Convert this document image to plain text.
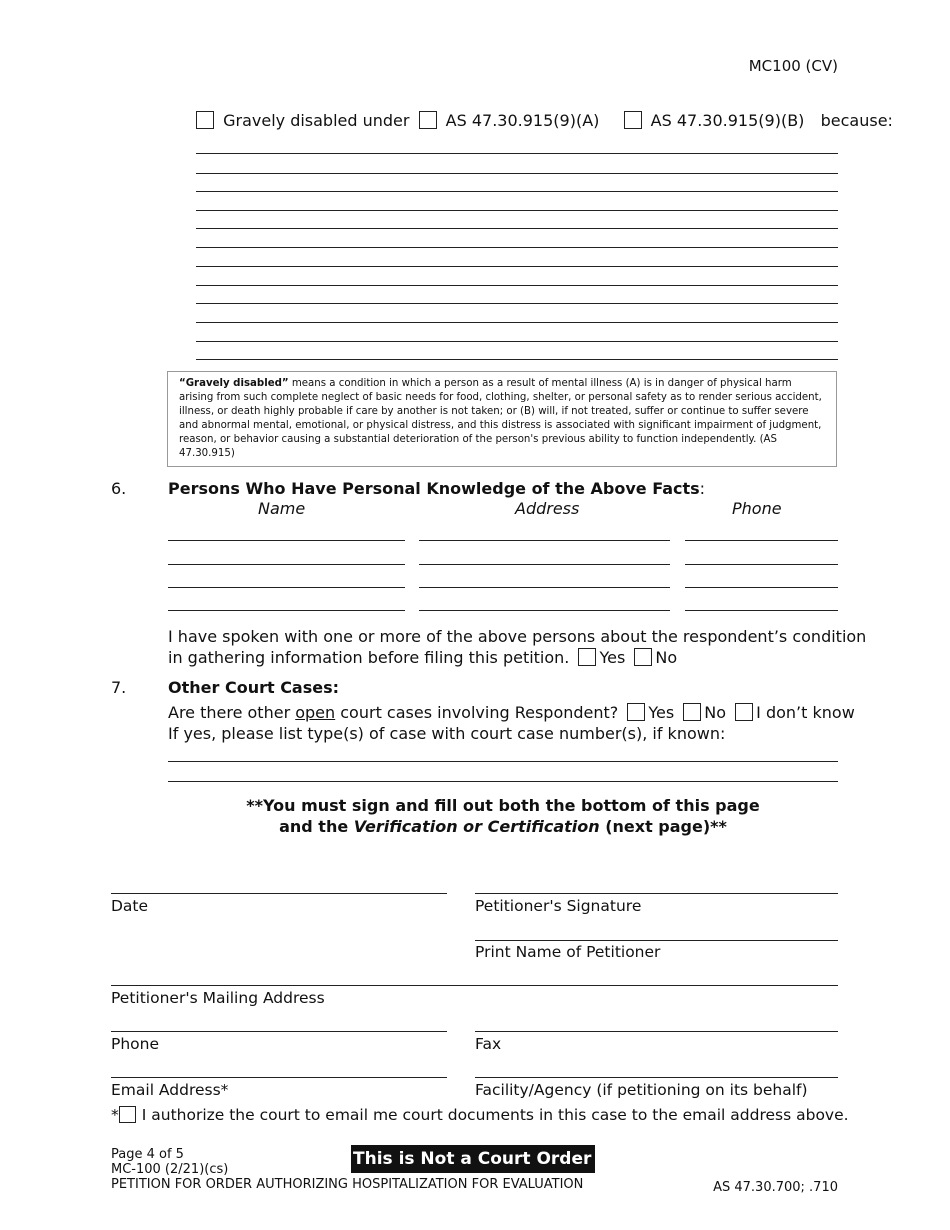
MC100 (CV)
Gravely disabled under AS 47.30.915(9)(A)	AS 47.30.915(9)(B) because:
“Gravely disabled” means a condition in which a person as a result of mental illness (A) is in danger of physical harm arising from such complete neglect of basic needs for food, clothing, shelter, or personal safety as to render serious accident, illness, or death highly probable if care by another is not taken; or (B) will, if not treated, suffer or continue to suffer severe and abnormal mental, emotional, or physical distress, and this distress is associated with significant impairment of judgment, reason, or behavior causing a substantial deterioration of the person's previous ability to function independently. (AS 47.30.915)
6.	Persons Who Have Personal Knowledge of the Above Facts:
Name	Address	Phone
I have spoken with one or more of the above persons about the respondent’s condition
in gathering information before filing this petition. Yes No
7.	Other Court Cases:
Are there other open court cases involving Respondent? Yes No I don’t know
If yes, please list type(s) of case with court case number(s), if known:
**You must sign and fill out both the bottom of this page
and the Verification or Certification (next page)**
Date	Petitioner's Signature
Print Name of Petitioner
Petitioner's Mailing Address
Phone	Fax
Email Address*	Facility/Agency (if petitioning on its behalf)
* I authorize the court to email me court documents in this case to the email address above.
Page 4 of 5
MC-100 (2/21)(cs)
PETITION FOR ORDER AUTHORIZING HOSPITALIZATION FOR EVALUATION
This is Not a Court Order
AS 47.30.700; .710
